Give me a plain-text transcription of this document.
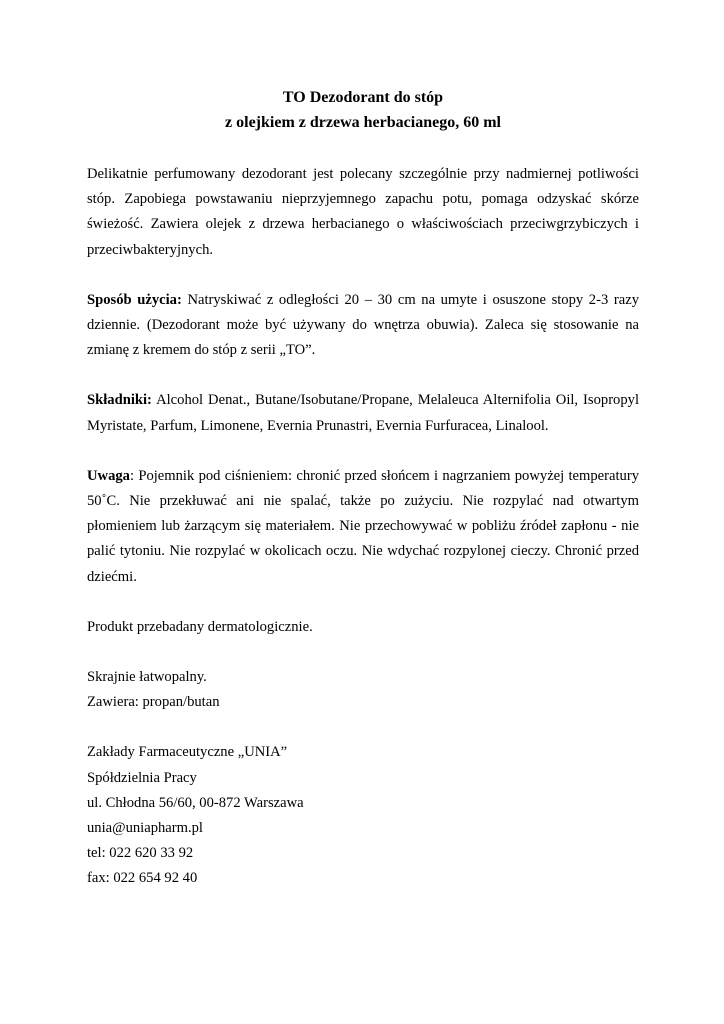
TO Dezodorant do stóp

z olejkiem z drzewa herbacianego, 60 ml

Delikatnie perfumowany dezodorant jest polecany szczególnie przy nadmiernej potliwości stóp. Zapobiega powstawaniu nieprzyjemnego zapachu potu, pomaga odzyskać skórze świeżość. Zawiera olejek z drzewa herbacianego o właściwościach przeciwgrzybiczych i przeciwbakteryjnych.

Sposób użycia: Natryskiwać z odległości 20 – 30 cm na umyte i osuszone stopy 2-3 razy dziennie. (Dezodorant może być używany do wnętrza obuwia). Zaleca się stosowanie na zmianę z kremem do stóp z serii „TO”.

Składniki: Alcohol Denat., Butane/Isobutane/Propane, Melaleuca Alternifolia Oil, Isopropyl Myristate, Parfum, Limonene, Evernia Prunastri, Evernia Furfuracea, Linalool.

Uwaga: Pojemnik pod ciśnieniem: chronić przed słońcem i nagrzaniem powyżej temperatury 50˚C. Nie przekłuwać ani nie spalać, także po zużyciu. Nie rozpylać nad otwartym płomieniem lub żarzącym się materiałem. Nie przechowywać w pobliżu źródeł zapłonu - nie palić tytoniu. Nie rozpylać w okolicach oczu. Nie wdychać rozpylonej cieczy. Chronić przed dziećmi.

Produkt przebadany dermatologicznie.

Skrajnie łatwopalny.

Zawiera: propan/butan

Zakłady Farmaceutyczne „UNIA”

Spółdzielnia Pracy

ul. Chłodna 56/60, 00-872 Warszawa

unia@uniapharm.pl

tel: 022 620 33 92

fax: 022 654 92 40
